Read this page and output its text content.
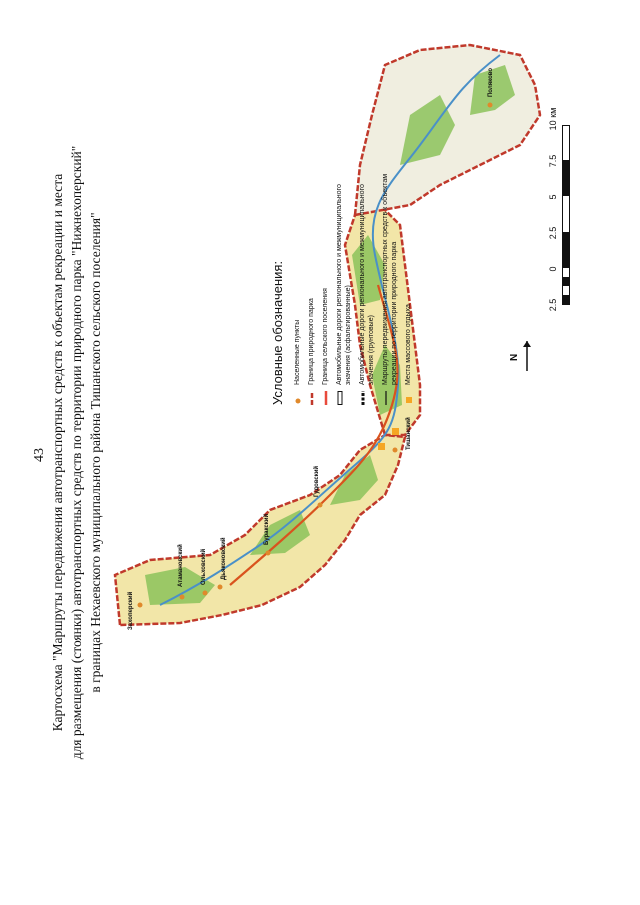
43 Картосхема "Маршруты передвижения автотранспортных средств к объектам рекреации и места для размещения (стоянки) автотранспортных средств по территории природного парка "Нижнехоперский" в границах Нехаевского муниципального района Тишанского сельского поселения"	Захоперский
Атамановский	Ольховский Дьяконовский
Буракский
Гудовский
Тишанский
Поляково
Условные обозначения: Населенные пункты Граница природного парка Граница сельского поселения Автомобильные дороги регионального и межмуниципального значения (асфальтированные) Автомобильные дороги регионального и межмуниципального значения (грунтовые) Маршруты передвижения автотранспортных средств к объектам рекреации по территории природного парка Места массового отдыха	N
2.5
0
2.5
5
7.5
10 км
